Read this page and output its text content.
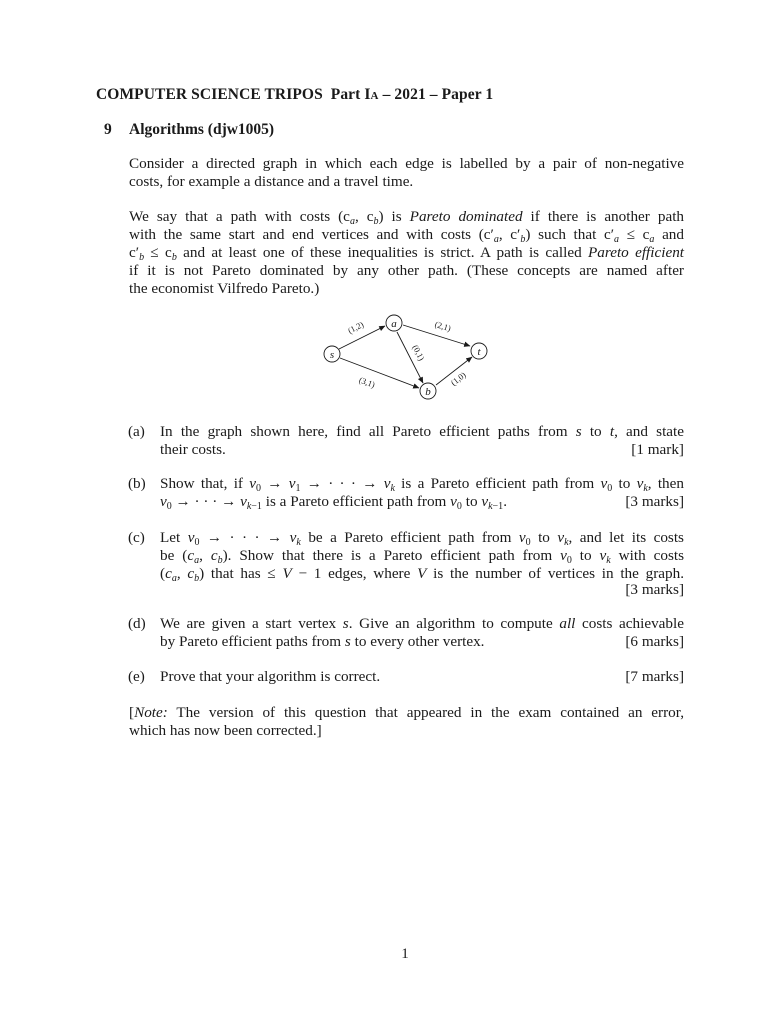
COMPUTER SCIENCE TRIPOS Part Ia – 2021 – Paper 1
9 Algorithms (djw1005)
Consider a directed graph in which each edge is labelled by a pair of non-negative
costs, for example a distance and a travel time.
We say that a path with costs ($c_a$, $c_b$) is Pareto dominated if there is another path
with the same start and end vertices and with costs ($c'_a$, $c'_b$) such that $c'_a \le c_a$ and
$c'_b \le c_b$ and at least one of these inequalities is strict. A path is called Pareto efficient
if it is not Pareto dominated by any other path. (These concepts are named after
the economist Vilfredo Pareto.)
s
a
t
b
(1,2)	(2,1)
(0,1)
(3,1)	(1,0)
(a) In the graph shown here, find all Pareto efficient paths from s to t, and state
their costs.	[1 mark]
(b) Show that, if $v_0 \to v_1$ → · · · → $v_k$ is a Pareto efficient path from $v_0$ to $v_k$, then
$v_0$ → · · · → $v_{k-1}$ is a Pareto efficient path from $v_0$ to $v_{k-1}$.	[3 marks]
(c) Let $v_0$ → · · · → $v_k$ be a Pareto efficient path from $v_0$ to $v_k$, and let its costs
be ($c_a$, $c_b$). Show that there is a Pareto efficient path from $v_0$ to $v_k$ with costs
($c_a$, $c_b$) that has ≤ V − 1 edges, where V is the number of vertices in the graph.
[3 marks]
(d) We are given a start vertex s. Give an algorithm to compute all costs achievable
by Pareto efficient paths from s to every other vertex.	[6 marks]
(e) Prove that your algorithm is correct.	[7 marks]
[Note: The version of this question that appeared in the exam contained an error,
which has now been corrected.]
1
